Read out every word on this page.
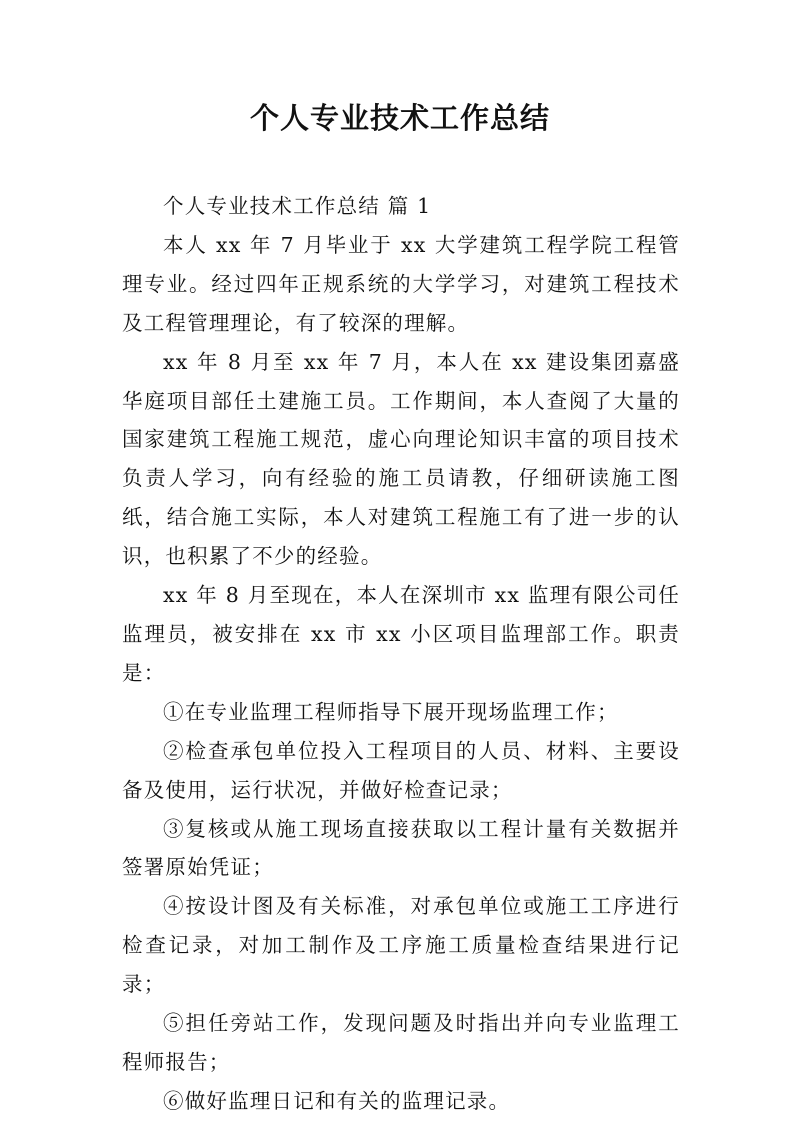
个人专业技术工作总结

个人专业技术工作总结 篇 1

本人 xx 年 7 月毕业于 xx 大学建筑工程学院工程管理专业。经过四年正规系统的大学学习，对建筑工程技术及工程管理理论，有了较深的理解。

xx 年 8 月至 xx 年 7 月，本人在 xx 建设集团嘉盛华庭项目部任土建施工员。工作期间，本人查阅了大量的国家建筑工程施工规范，虚心向理论知识丰富的项目技术负责人学习，向有经验的施工员请教，仔细研读施工图纸，结合施工实际，本人对建筑工程施工有了进一步的认识，也积累了不少的经验。

xx 年 8 月至现在，本人在深圳市 xx 监理有限公司任监理员，被安排在 xx 市 xx 小区项目监理部工作。职责是：

①在专业监理工程师指导下展开现场监理工作；

②检查承包单位投入工程项目的人员、材料、主要设备及使用，运行状况，并做好检查记录；

③复核或从施工现场直接获取以工程计量有关数据并签署原始凭证；

④按设计图及有关标准，对承包单位或施工工序进行检查记录，对加工制作及工序施工质量检查结果进行记录；

⑤担任旁站工作，发现问题及时指出并向专业监理工程师报告；

⑥做好监理日记和有关的监理记录。
